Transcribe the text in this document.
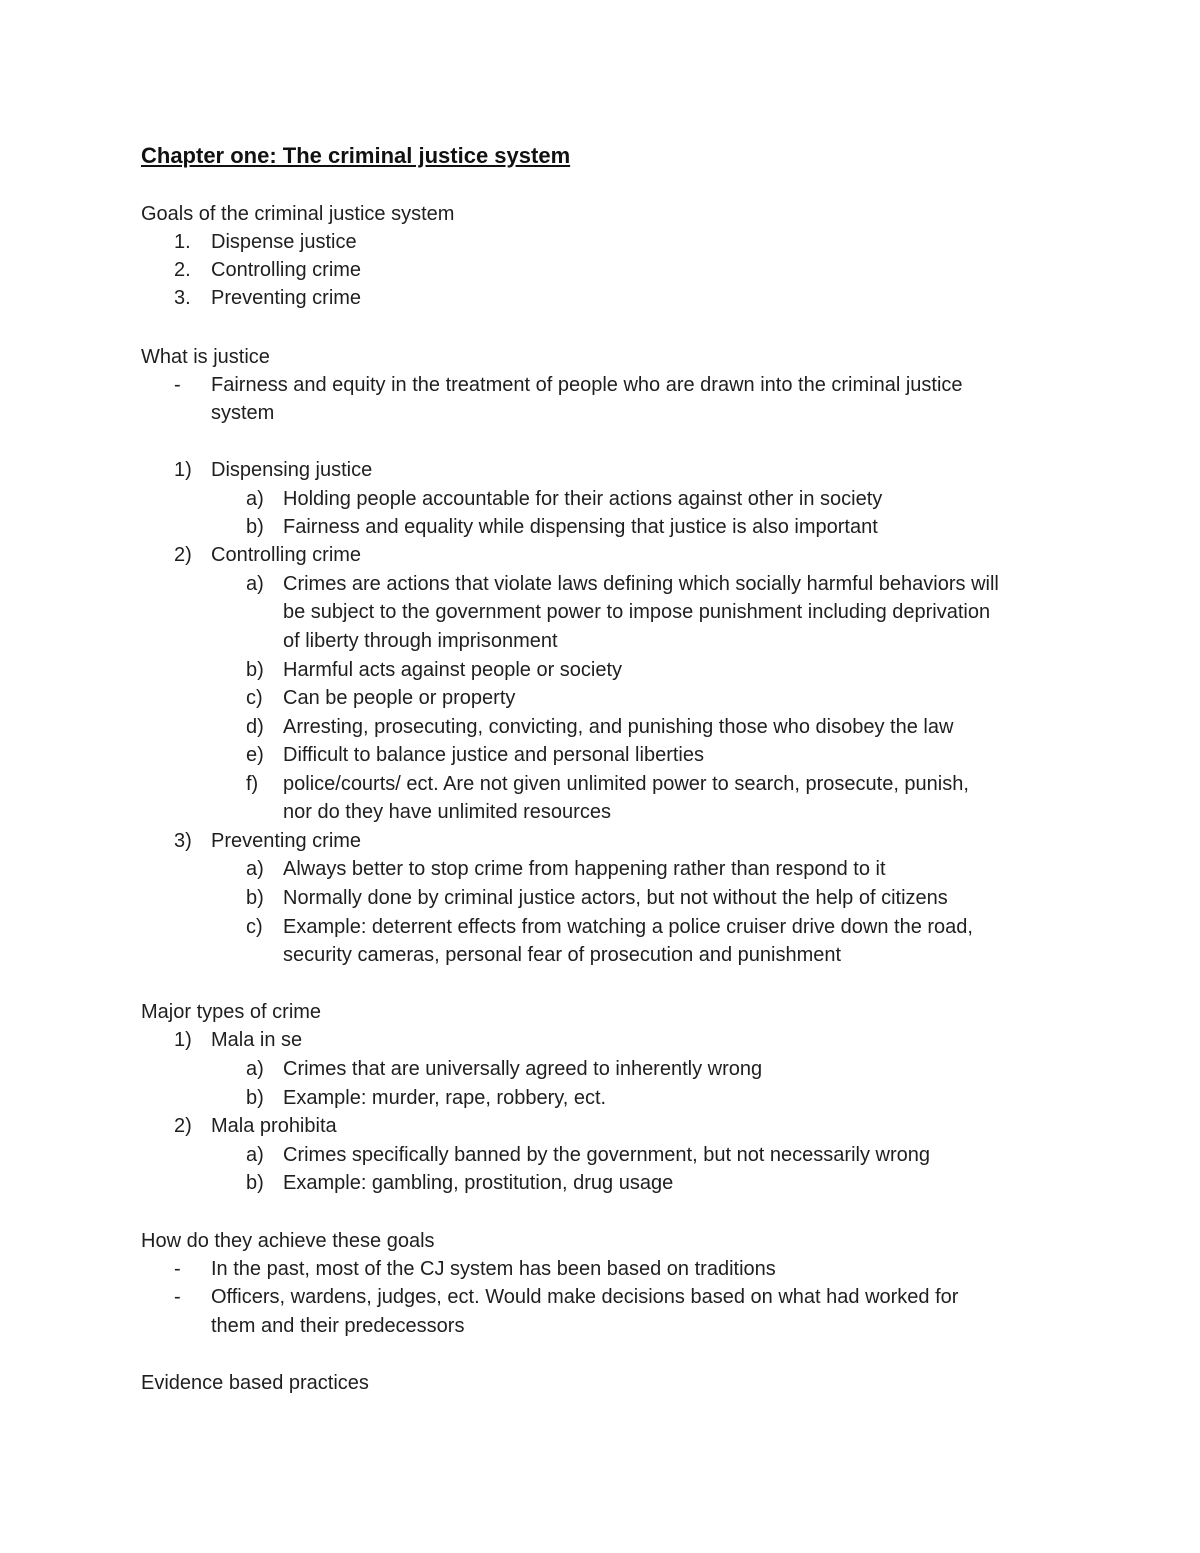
Chapter one: The criminal justice system
Goals of the criminal justice system
1. Dispense justice
2. Controlling crime
3. Preventing crime
What is justice
- Fairness and equity in the treatment of people who are drawn into the criminal justice
system
1) Dispensing justice
a) Holding people accountable for their actions against other in society
b) Fairness and equality while dispensing that justice is also important
2) Controlling crime
a) Crimes are actions that violate laws defining which socially harmful behaviors will
be subject to the government power to impose punishment including deprivation
of liberty through imprisonment
b) Harmful acts against people or society
c) Can be people or property
d) Arresting, prosecuting, convicting, and punishing those who disobey the law
e) Difficult to balance justice and personal liberties
f) police/courts/ ect. Are not given unlimited power to search, prosecute, punish,
nor do they have unlimited resources
3) Preventing crime
a) Always better to stop crime from happening rather than respond to it
b) Normally done by criminal justice actors, but not without the help of citizens
c) Example: deterrent effects from watching a police cruiser drive down the road,
security cameras, personal fear of prosecution and punishment
Major types of crime
1) Mala in se
a) Crimes that are universally agreed to inherently wrong
b) Example: murder, rape, robbery, ect.
2) Mala prohibita
a) Crimes specifically banned by the government, but not necessarily wrong
b) Example: gambling, prostitution, drug usage
How do they achieve these goals
- In the past, most of the CJ system has been based on traditions
- Officers, wardens, judges, ect. Would make decisions based on what had worked for
them and their predecessors
Evidence based practices
